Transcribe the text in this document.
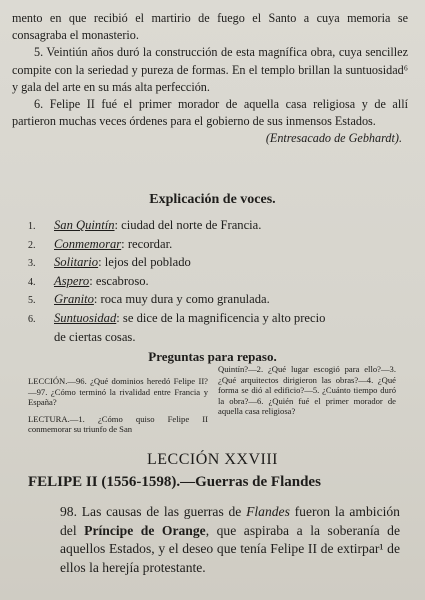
mento en que recibió el martirio de fuego el Santo a cuya memoria se consagraba el monasterio.

5. Veintiún años duró la construcción de esta magnífica obra, cuya sencillez compite con la seriedad y pureza de formas. En el templo brillan la suntuosidad⁶ y gala del arte en su más alta perfección.

6. Felipe II fué el primer morador de aquella casa religiosa y de allí partieron muchas veces órdenes para el gobierno de sus inmensos Estados.

(Entresacado de Gebhardt).

Explicación de voces.
1. San Quintín: ciudad del norte de Francia.
2. Conmemorar: recordar.
3. Solitario: lejos del poblado
4. Aspero: escabroso.
5. Granito: roca muy dura y como granulada.
6. Suntuosidad: se dice de la magnificencia y alto precio
de ciertas cosas.
Preguntas para repaso.

LECCIÓN.—96. ¿Qué dominios heredó Felipe II?—97. ¿Cómo terminó la rivalidad entre Francia y España?

LECTURA.—1. ¿Cómo quiso Felipe II conmemorar su triunfo de San

Quintín?—2. ¿Qué lugar escogió para ello?—3. ¿Qué arquitectos dirigieron las obras?—4. ¿Qué forma se dió al edificio?—5. ¿Cuánto tiempo duró la obra?—6. ¿Quién fué el primer morador de aquella casa religiosa?

LECCIÓN XXVIII
FELIPE II (1556-1598).—Guerras de Flandes

98. Las causas de las guerras de Flandes fueron la ambición del Príncipe de Orange, que aspiraba a la soberanía de aquellos Estados, y el deseo que tenía Felipe II de extirpar¹ de ellos la herejía protestante.
